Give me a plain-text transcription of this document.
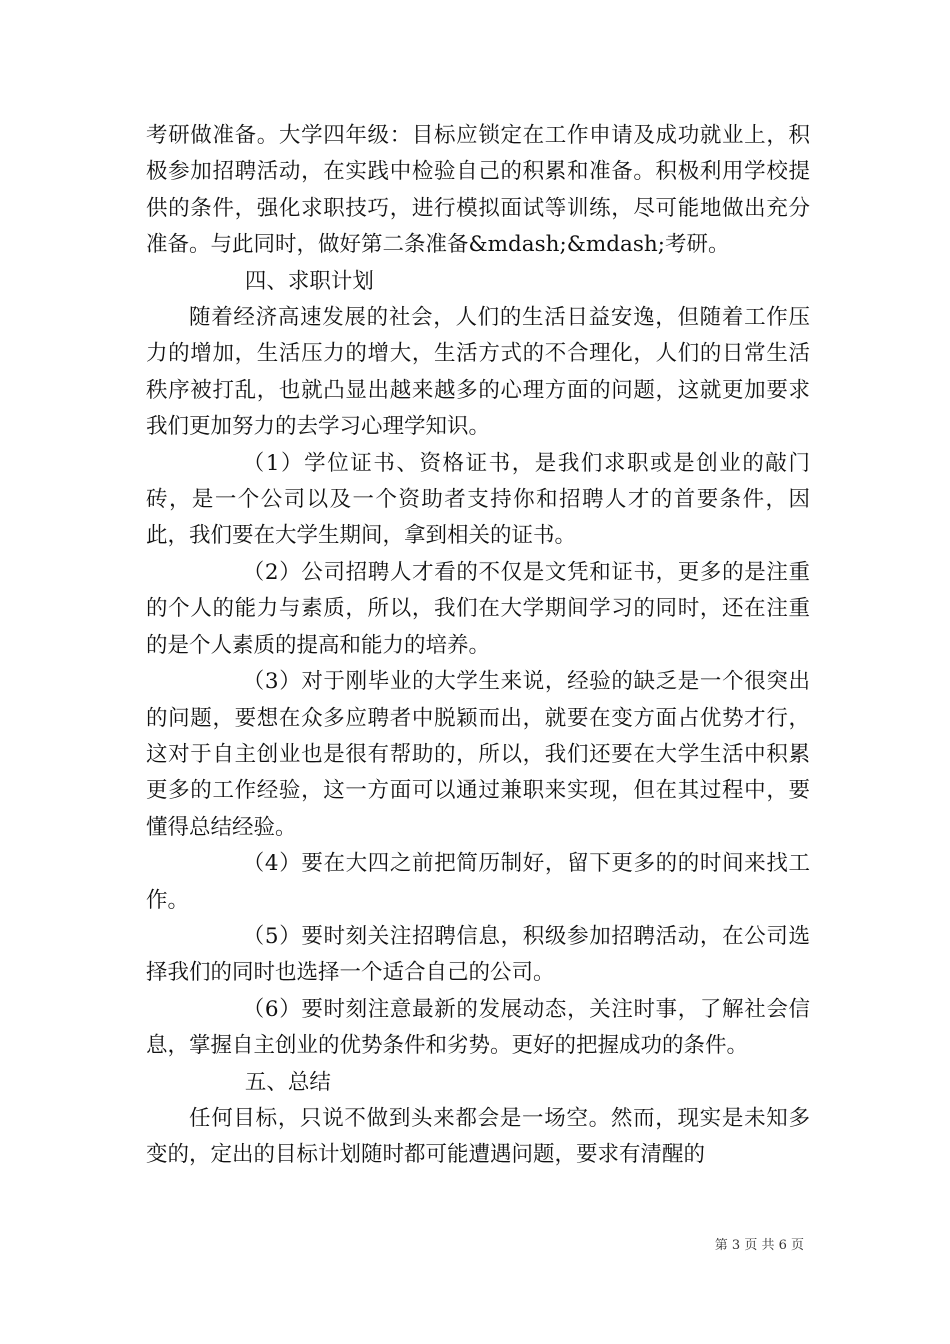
考研做准备。大学四年级：目标应锁定在工作申请及成功就业上，积极参加招聘活动，在实践中检验自己的积累和准备。积极利用学校提供的条件，强化求职技巧，进行模拟面试等训练，尽可能地做出充分准备。与此同时，做好第二条准备&mdash;&mdash;考研。

四、求职计划

随着经济高速发展的社会，人们的生活日益安逸，但随着工作压力的增加，生活压力的增大，生活方式的不合理化，人们的日常生活秩序被打乱，也就凸显出越来越多的心理方面的问题，这就更加要求我们更加努力的去学习心理学知识。

（1）学位证书、资格证书，是我们求职或是创业的敲门砖，是一个公司以及一个资助者支持你和招聘人才的首要条件，因此，我们要在大学生期间，拿到相关的证书。

（2）公司招聘人才看的不仅是文凭和证书，更多的是注重的个人的能力与素质，所以，我们在大学期间学习的同时，还在注重的是个人素质的提高和能力的培养。

（3）对于刚毕业的大学生来说，经验的缺乏是一个很突出的问题，要想在众多应聘者中脱颖而出，就要在变方面占优势才行，这对于自主创业也是很有帮助的，所以，我们还要在大学生活中积累更多的工作经验，这一方面可以通过兼职来实现，但在其过程中，要懂得总结经验。

（4）要在大四之前把简历制好，留下更多的的时间来找工作。

（5）要时刻关注招聘信息，积级参加招聘活动，在公司选择我们的同时也选择一个适合自己的公司。

（6）要时刻注意最新的发展动态，关注时事，了解社会信息，掌握自主创业的优势条件和劣势。更好的把握成功的条件。

五、总结

任何目标，只说不做到头来都会是一场空。然而，现实是未知多变的，定出的目标计划随时都可能遭遇问题，要求有清醒的

第 3 页 共 6 页
